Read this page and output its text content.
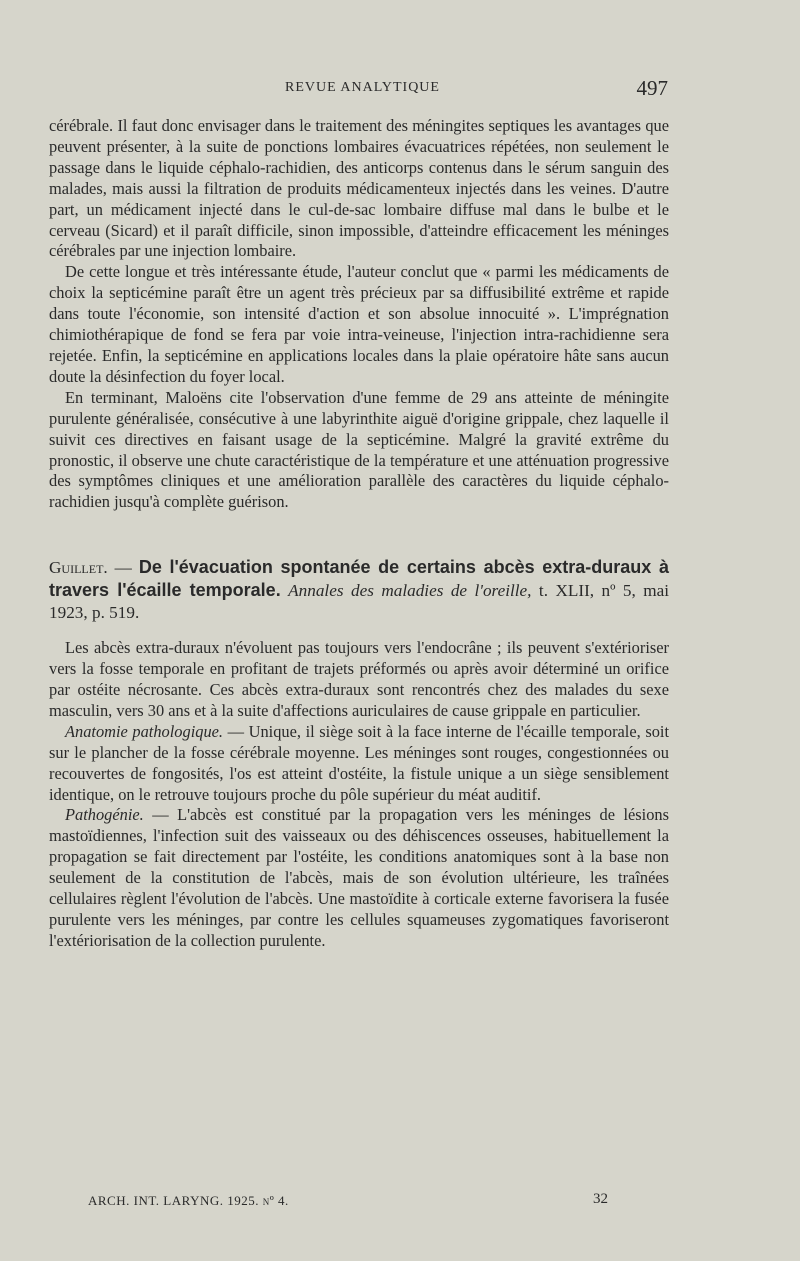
REVUE ANALYTIQUE	497

cérébrale. Il faut donc envisager dans le traitement des méningites septiques les avantages que peuvent présenter, à la suite de ponctions lombaires évacuatrices répétées, non seulement le passage dans le liquide céphalo-rachidien, des anticorps contenus dans le sérum sanguin des malades, mais aussi la filtration de produits médicamenteux injectés dans les veines. D'autre part, un médicament injecté dans le cul-de-sac lombaire diffuse mal dans le bulbe et le cerveau (Sicard) et il paraît difficile, sinon impossible, d'atteindre efficacement les méninges cérébrales par une injection lombaire.

De cette longue et très intéressante étude, l'auteur conclut que « parmi les médicaments de choix la septicémine paraît être un agent très précieux par sa diffusibilité extrême et rapide dans toute l'économie, son intensité d'action et son absolue innocuité ». L'imprégnation chimiothérapique de fond se fera par voie intra-veineuse, l'injection intra-rachidienne sera rejetée. Enfin, la septicémine en applications locales dans la plaie opératoire hâte sans aucun doute la désinfection du foyer local.

En terminant, Maloëns cite l'observation d'une femme de 29 ans atteinte de méningite purulente généralisée, consécutive à une labyrinthite aiguë d'origine grippale, chez laquelle il suivit ces directives en faisant usage de la septicémine. Malgré la gravité extrême du pronostic, il observe une chute caractéristique de la température et une atténuation progressive des symptômes cliniques et une amélioration parallèle des caractères du liquide céphalo-rachidien jusqu'à complète guérison.

Guillet. — De l'évacuation spontanée de certains abcès extra-duraux à travers l'écaille temporale. Annales des maladies de l'oreille, t. XLII, nº 5, mai 1923, p. 519.

Les abcès extra-duraux n'évoluent pas toujours vers l'endocrâne ; ils peuvent s'extérioriser vers la fosse temporale en profitant de trajets préformés ou après avoir déterminé un orifice par ostéite nécrosante. Ces abcès extra-duraux sont rencontrés chez des malades du sexe masculin, vers 30 ans et à la suite d'affections auriculaires de cause grippale en particulier.

Anatomie pathologique. — Unique, il siège soit à la face interne de l'écaille temporale, soit sur le plancher de la fosse cérébrale moyenne. Les méninges sont rouges, congestionnées ou recouvertes de fongosités, l'os est atteint d'ostéite, la fistule unique a un siège sensiblement identique, on le retrouve toujours proche du pôle supérieur du méat auditif.

Pathogénie. — L'abcès est constitué par la propagation vers les méninges de lésions mastoïdiennes, l'infection suit des vaisseaux ou des déhiscences osseuses, habituellement la propagation se fait directement par l'ostéite, les conditions anatomiques sont à la base non seulement de la constitution de l'abcès, mais de son évolution ultérieure, les traînées cellulaires règlent l'évolution de l'abcès. Une mastoïdite à corticale externe favorisera la fusée purulente vers les méninges, par contre les cellules squameuses zygomatiques favoriseront l'extériorisation de la collection purulente.

ARCH. INT. LARYNG. 1925. nº 4.	32
